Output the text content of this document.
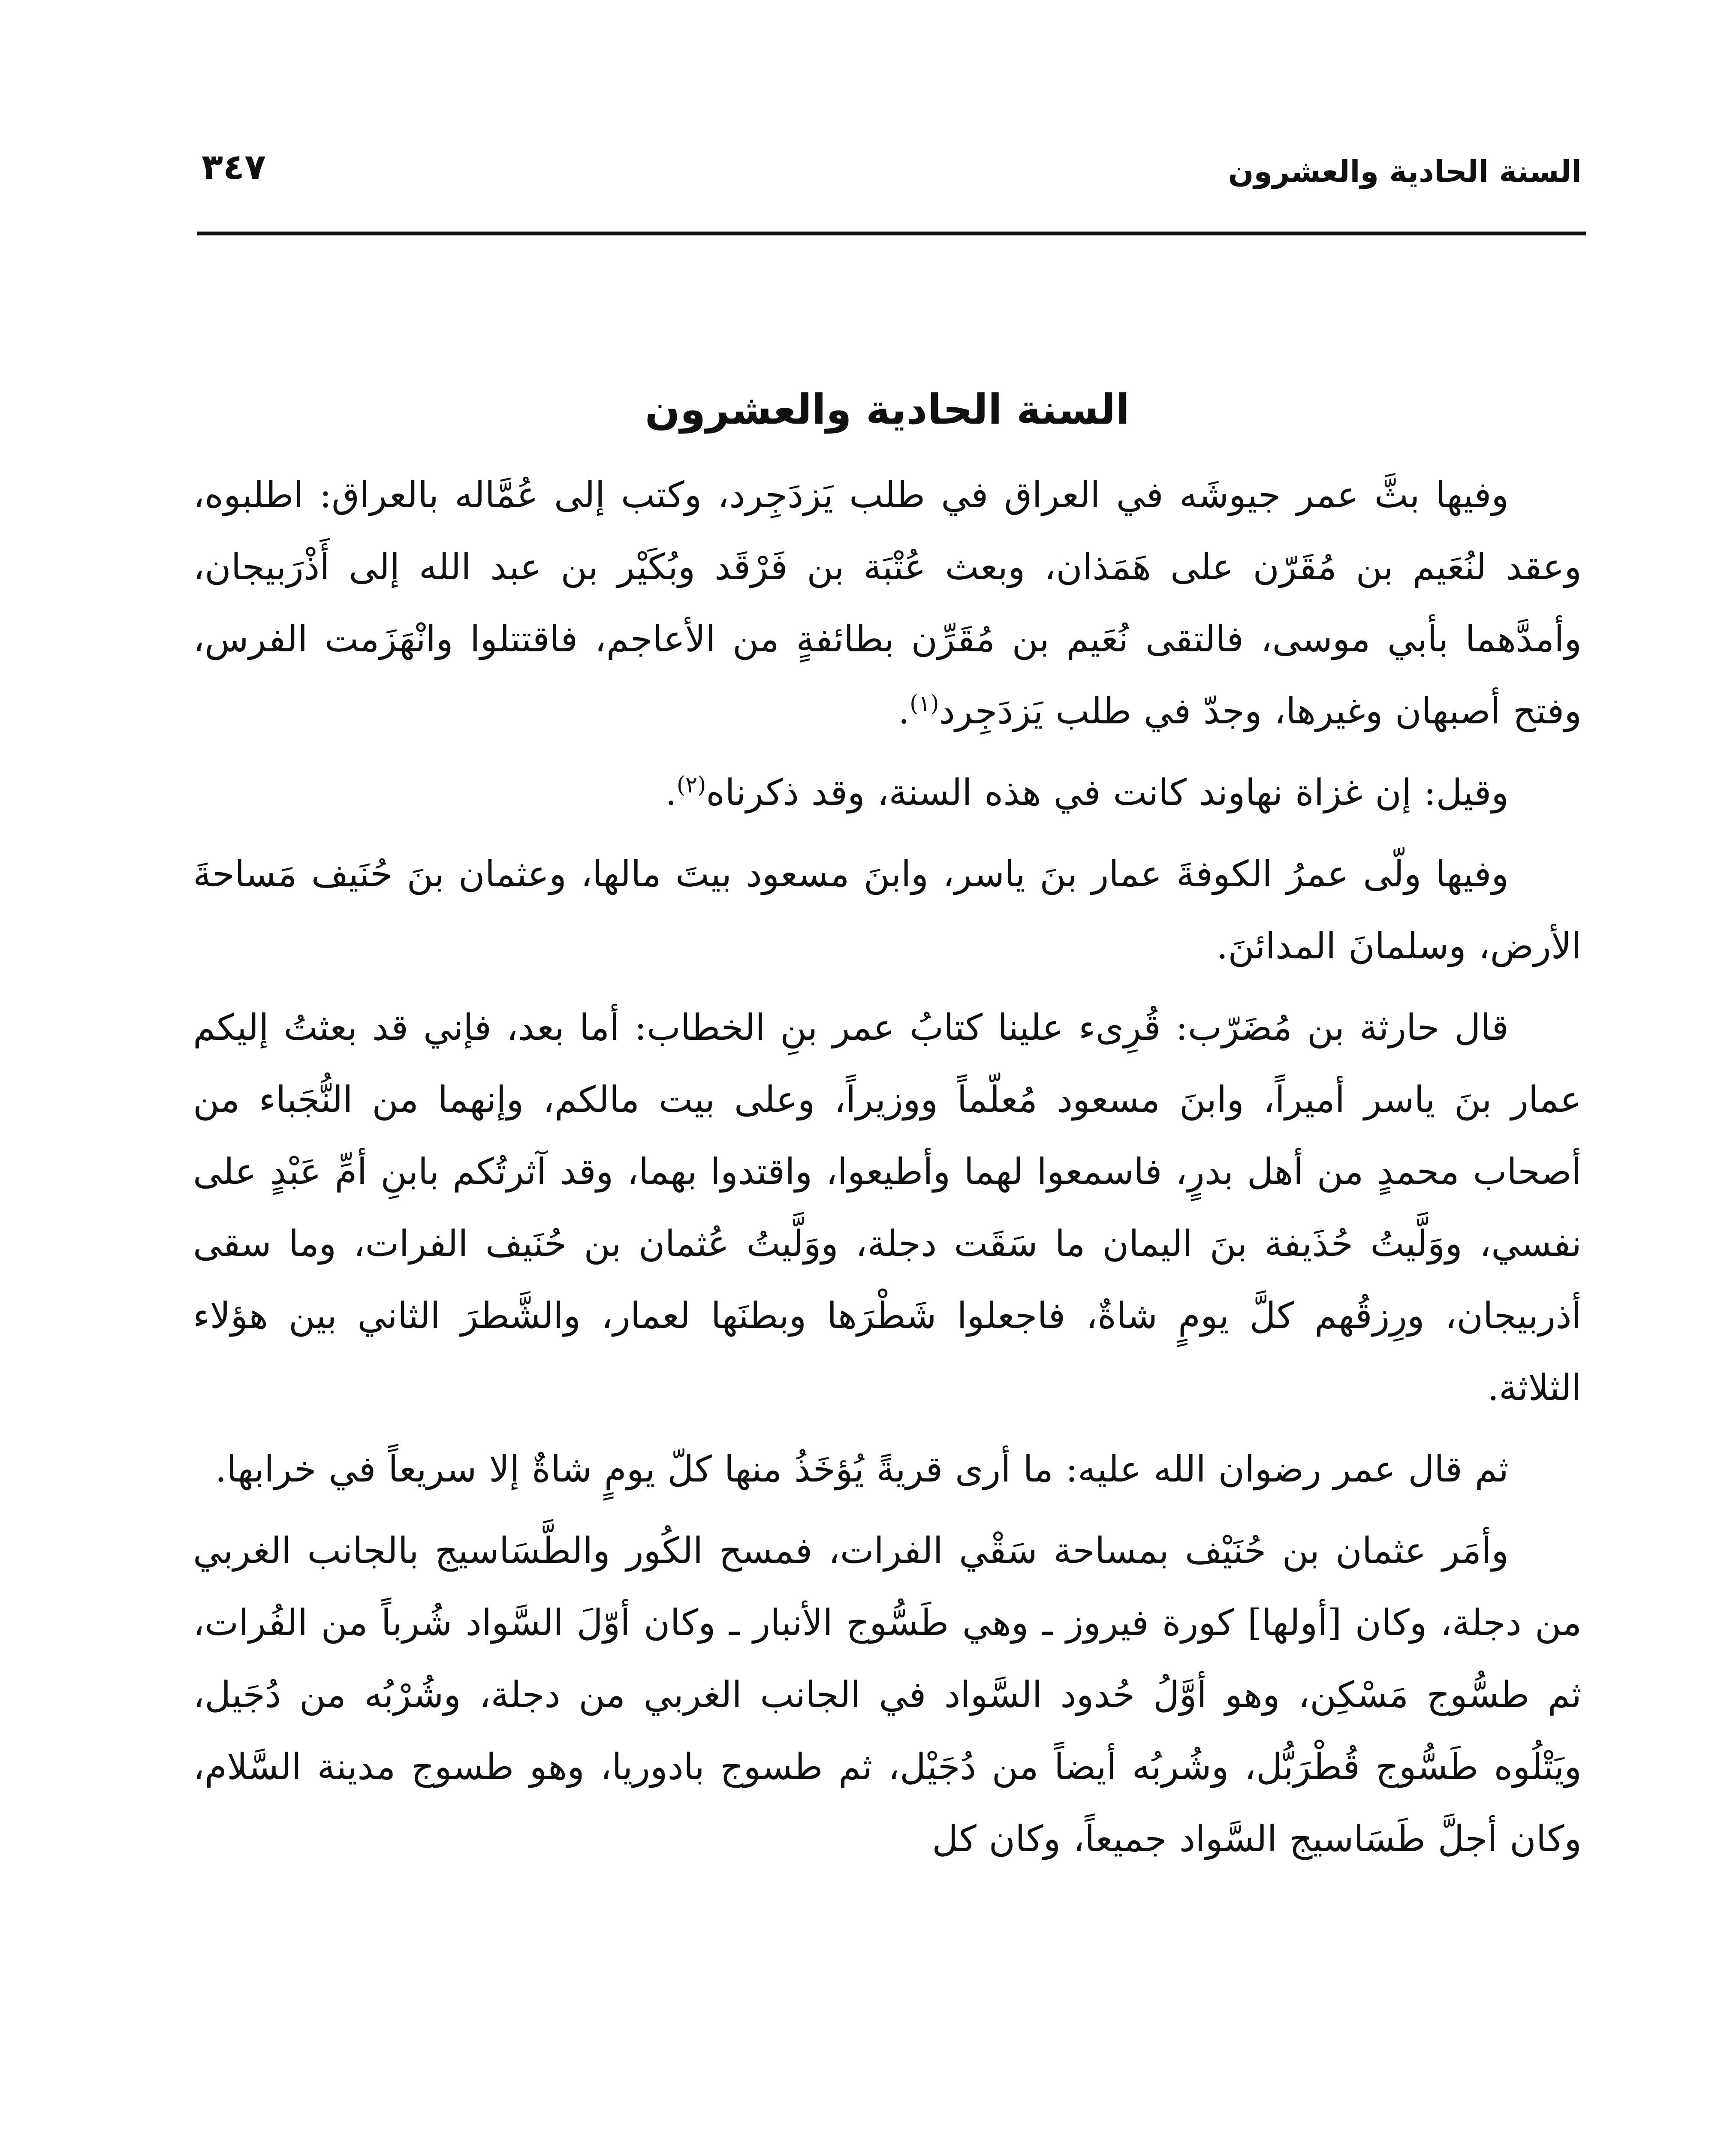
السنة الحادية والعشرون
٣٤٧
السنة الحادية والعشرون

وفيها بثَّ عمر جيوشَه في العراق في طلب يَزدَجِرد، وكتب إلى عُمَّاله بالعراق: اطلبوه، وعقد لنُعَيم بن مُقَرّن على هَمَذان، وبعث عُتْبَة بن فَرْقَد وبُكَيْر بن عبد الله إلى أَذْرَبيجان، وأمدَّهما بأبي موسى، فالتقى نُعَيم بن مُقَرِّن بطائفةٍ من الأعاجم، فاقتتلوا وانْهَزَمت الفرس، وفتح أصبهان وغيرها، وجدّ في طلب يَزدَجِرد$^{(١)}$.

وقيل: إن غزاة نهاوند كانت في هذه السنة، وقد ذكرناه$^{(٢)}$.

وفيها ولّى عمرُ الكوفةَ عمار بنَ ياسر، وابنَ مسعود بيتَ مالها، وعثمان بنَ حُنَيف مَساحةَ الأرض، وسلمانَ المدائنَ.

قال حارثة بن مُضَرّب: قُرِىء علينا كتابُ عمر بنِ الخطاب: أما بعد، فإني قد بعثتُ إليكم عمار بنَ ياسر أميراً، وابنَ مسعود مُعلّماً ووزيراً، وعلى بيت مالكم، وإنهما من النُّجَباء من أصحاب محمدٍ من أهل بدرٍ، فاسمعوا لهما وأطيعوا، واقتدوا بهما، وقد آثرتُكم بابنِ أمِّ عَبْدٍ على نفسي، ووَلَّيتُ حُذَيفة بنَ اليمان ما سَقَت دجلة، ووَلَّيتُ عُثمان بن حُنَيف الفرات، وما سقى أذربيجان، ورِزقُهم كلَّ يومٍ شاةٌ، فاجعلوا شَطْرَها وبطنَها لعمار، والشَّطرَ الثاني بين هؤلاء الثلاثة.

ثم قال عمر رضوان الله عليه: ما أرى قريةً يُؤخَذُ منها كلّ يومٍ شاةٌ إلا سريعاً في خرابها.

وأمَر عثمان بن حُنَيْف بمساحة سَقْي الفرات، فمسح الكُور والطَّسَاسيج بالجانب الغربي من دجلة، وكان [أولها] كورة فيروز ـ وهي طَسُّوج الأنبار ـ وكان أوّلَ السَّواد شُرباً من الفُرات، ثم طسُّوج مَسْكِن، وهو أوَّلُ حُدود السَّواد في الجانب الغربي من دجلة، وشُرْبُه من دُجَيل، ويَتْلُوه طَسُّوج قُطْرَبُّل، وشُربُه أيضاً من دُجَيْل، ثم طسوج بادوريا، وهو طسوج مدينة السَّلام، وكان أجلَّ طَسَاسيج السَّواد جميعاً، وكان كل
